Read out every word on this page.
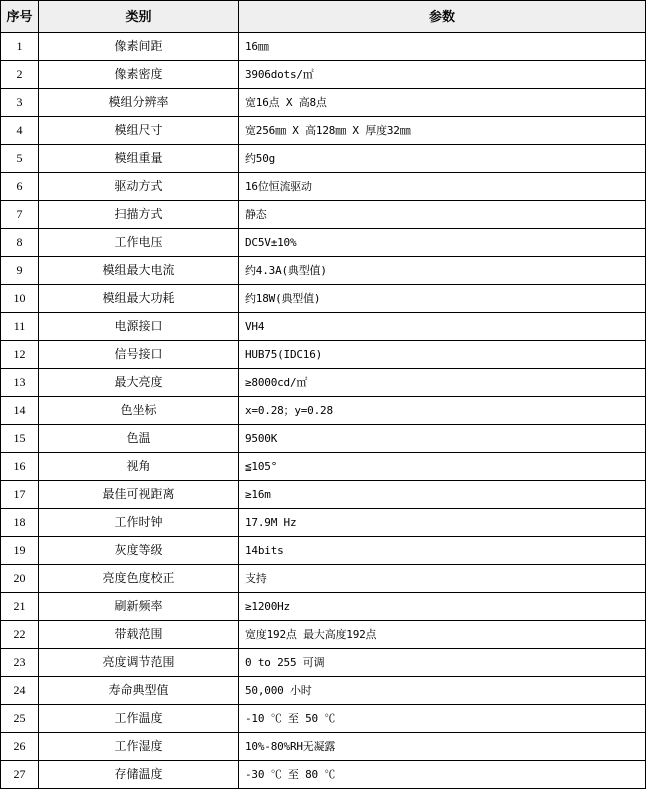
序号	类别	参数
1	像素间距	16㎜
2	像素密度	3906dots/㎡
3	模组分辨率	宽16点 X 高8点
4	模组尺寸	宽256㎜ X 高128㎜ X 厚度32㎜
5	模组重量	约50g
6	驱动方式	16位恒流驱动
7	扫描方式	静态
8	工作电压	DC5V±10%
9	模组最大电流	约4.3A(典型值)
10	模组最大功耗	约18W(典型值)
11	电源接口	VH4
12	信号接口	HUB75(IDC16)
13	最大亮度	≥8000cd/㎡
14	色坐标	x=0.28；y=0.28
15	色温	9500K
16	视角	≦105°
17	最佳可视距离	≥16m
18	工作时钟	17.9M Hz
19	灰度等级	14bits
20	亮度色度校正	支持
21	刷新频率	≥1200Hz
22	带载范围	宽度192点 最大高度192点
23	亮度调节范围	0 to 255 可调
24	寿命典型值	50,000 小时
25	工作温度	-10 ℃ 至 50 ℃
26	工作湿度	10%-80%RH无凝露
27	存储温度	-30 ℃ 至 80 ℃
